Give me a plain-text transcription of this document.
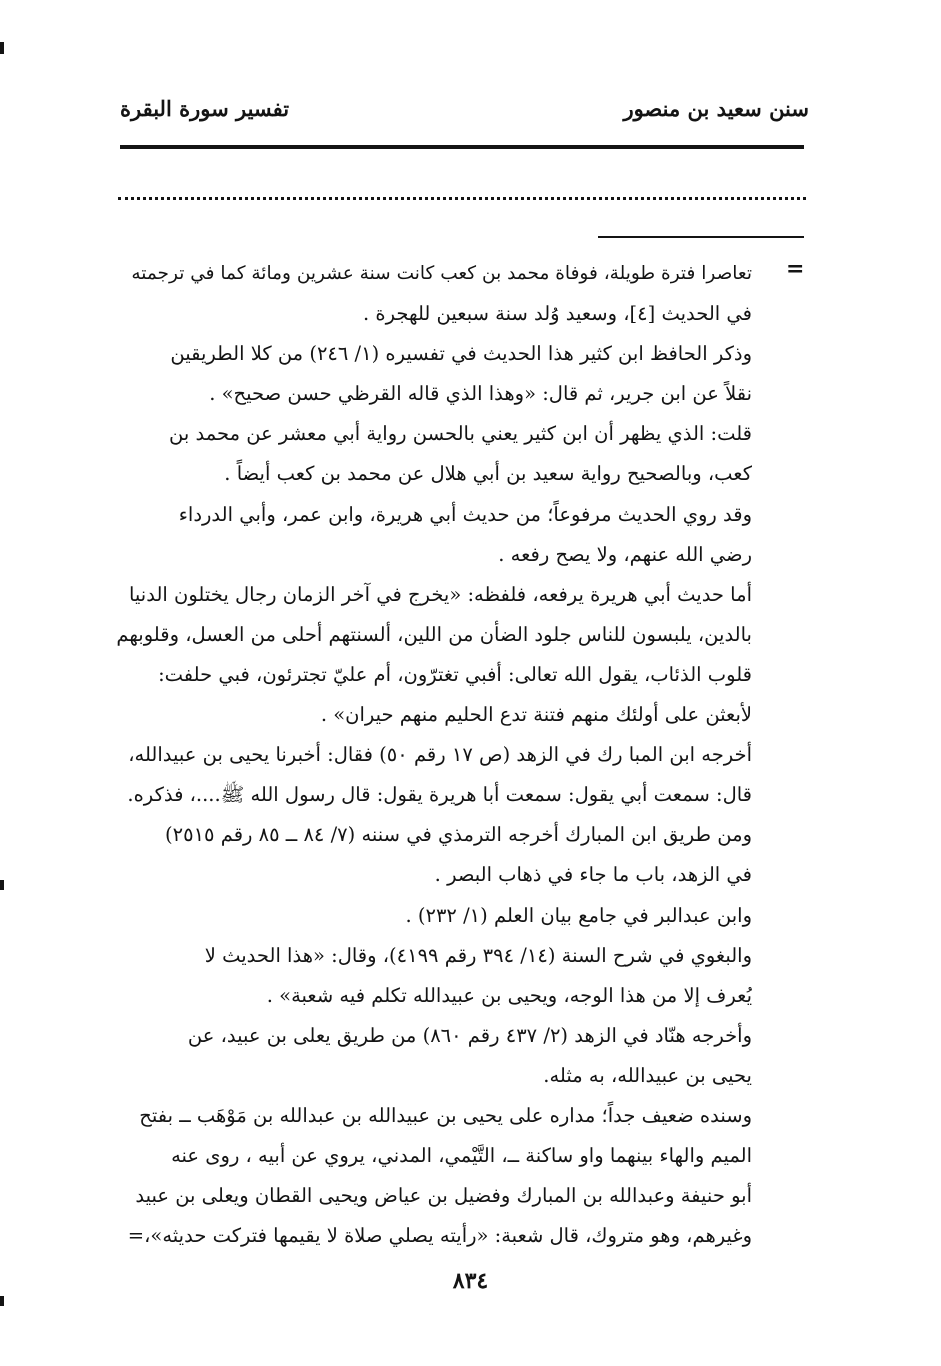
سنن سعيد بن منصور
تفسير سورة البقرة
=
تعاصرا فترة طويلة، فوفاة محمد بن كعب كانت سنة عشرين ومائة كما في ترجمته
في الحديث [٤]، وسعيد وُلد سنة سبعين للهجرة .
وذكر الحافظ ابن كثير هذا الحديث في تفسيره (١/ ٢٤٦) من كلا الطريقين
نقلاً عن ابن جرير، ثم قال: «وهذا الذي قاله القرظي حسن صحيح» .
قلت: الذي يظهر أن ابن كثير يعني بالحسن رواية أبي معشر عن محمد بن
كعب، وبالصحيح رواية سعيد بن أبي هلال عن محمد بن كعب أيضاً .
وقد روي الحديث مرفوعاً؛ من حديث أبي هريرة، وابن عمر، وأبي الدرداء
رضي الله عنهم، ولا يصح رفعه .
أما حديث أبي هريرة يرفعه، فلفظه: «يخرج في آخر الزمان رجال يختلون الدنيا
بالدين، يلبسون للناس جلود الضأن من اللين، ألسنتهم أحلى من العسل، وقلوبهم
قلوب الذئاب، يقول الله تعالى: أفبي تغترّون، أم عليّ تجترئون، فبي حلفت:
لأبعثن على أولئك منهم فتنة تدع الحليم منهم حيران» .
أخرجه ابن المبا رك في الزهد (ص ١٧ رقم ٥٠) فقال: أخبرنا يحيى بن عبيدالله،
قال: سمعت أبي يقول: سمعت أبا هريرة يقول: قال رسول الله ﷺ....، فذكره.
ومن طريق ابن المبارك أخرجه الترمذي في سننه (٧/ ٨٤ ــ ٨٥ رقم ٢٥١٥)
في الزهد، باب ما جاء في ذهاب البصر .
وابن عبدالبر في جامع بيان العلم (١/ ٢٣٢) .
والبغوي في شرح السنة (١٤/ ٣٩٤ رقم ٤١٩٩)، وقال: «هذا الحديث لا
يُعرف إلا من هذا الوجه، ويحيى بن عبيدالله تكلم فيه شعبة» .
وأخرجه هنّاد في الزهد (٢/ ٤٣٧ رقم ٨٦٠) من طريق يعلى بن عبيد، عن
يحيى بن عبيدالله، به مثله.
وسنده ضعيف جداً؛ مداره على يحيى بن عبيدالله بن عبدالله بن مَوْهَب ــ بفتح
الميم والهاء بينهما واو ساكنة ــ، التَّيْمي، المدني، يروي عن أبيه ، روى عنه
أبو حنيفة وعبدالله بن المبارك وفضيل بن عياض ويحيى القطان ويعلى بن عبيد
وغيرهم، وهو متروك، قال شعبة: «رأيته يصلي صلاة لا يقيمها فتركت حديثه»،=
٨٣٤
